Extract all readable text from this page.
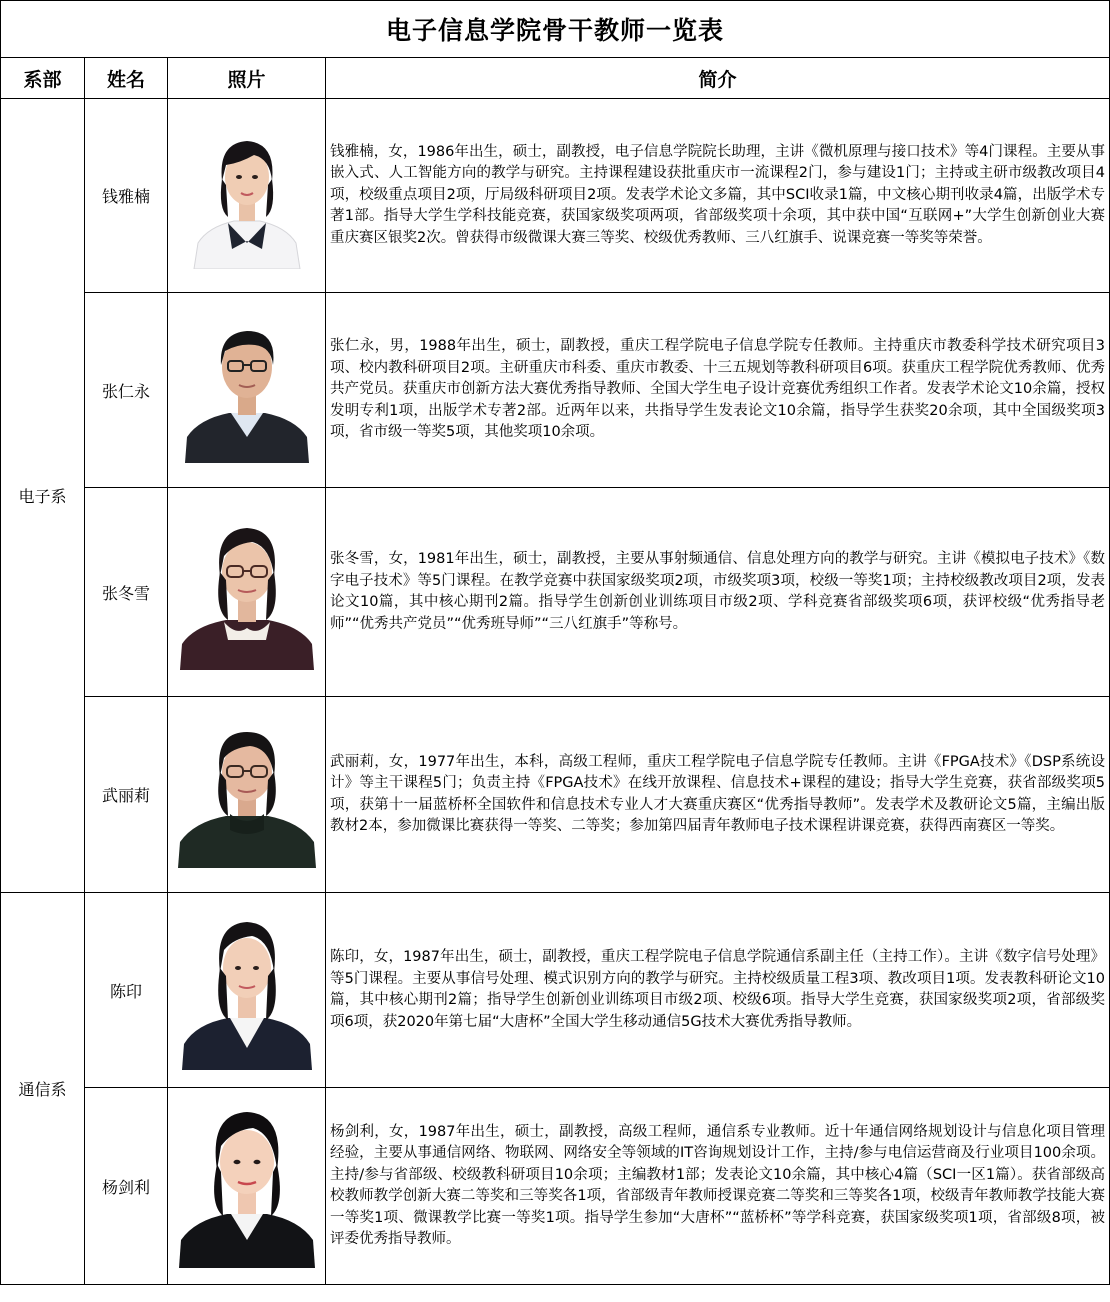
电子信息学院骨干教师一览表			
系部	姓名	照片	简介
电子系	钱雅楠		钱雅楠，女，1986年出生，硕士，副教授，电子信息学院院长助理，主讲《微机原理与接口技术》等4门课程。主要从事嵌入式、人工智能方向的教学与研究。主持课程建设获批重庆市一流课程2门，参与建设1门；主持或主研市级教改项目4项，校级重点项目2项，厅局级科研项目2项。发表学术论文多篇，其中SCI收录1篇，中文核心期刊收录4篇，出版学术专著1部。指导大学生学科技能竞赛，获国家级奖项两项，省部级奖项十余项，其中获中国“互联网+”大学生创新创业大赛重庆赛区银奖2次。曾获得市级微课大赛三等奖、校级优秀教师、三八红旗手、说课竞赛一等奖等荣誉。
	张仁永		张仁永，男，1988年出生，硕士，副教授，重庆工程学院电子信息学院专任教师。主持重庆市教委科学技术研究项目3项、校内教科研项目2项。主研重庆市科委、重庆市教委、十三五规划等教科研项目6项。获重庆工程学院优秀教师、优秀共产党员。获重庆市创新方法大赛优秀指导教师、全国大学生电子设计竞赛优秀组织工作者。发表学术论文10余篇，授权发明专利1项，出版学术专著2部。近两年以来，共指导学生发表论文10余篇，指导学生获奖20余项，其中全国级奖项3项，省市级一等奖5项，其他奖项10余项。
	张冬雪		张冬雪，女，1981年出生，硕士，副教授，主要从事射频通信、信息处理方向的教学与研究。主讲《模拟电子技术》《数字电子技术》等5门课程。在教学竞赛中获国家级奖项2项，市级奖项3项，校级一等奖1项；主持校级教改项目2项，发表论文10篇，其中核心期刊2篇。指导学生创新创业训练项目市级2项、学科竞赛省部级奖项6项，获评校级“优秀指导老师”“优秀共产党员”“优秀班导师”“三八红旗手”等称号。
	武丽莉		武丽莉，女，1977年出生，本科，高级工程师，重庆工程学院电子信息学院专任教师。主讲《FPGA技术》《DSP系统设计》等主干课程5门；负责主持《FPGA技术》在线开放课程、信息技术+课程的建设；指导大学生竞赛，获省部级奖项5项，获第十一届蓝桥杯全国软件和信息技术专业人才大赛重庆赛区“优秀指导教师”。发表学术及教研论文5篇，主编出版教材2本，参加微课比赛获得一等奖、二等奖；参加第四届青年教师电子技术课程讲课竞赛，获得西南赛区一等奖。
通信系	陈印		陈印，女，1987年出生，硕士，副教授，重庆工程学院电子信息学院通信系副主任（主持工作）。主讲《数字信号处理》等5门课程。主要从事信号处理、模式识别方向的教学与研究。主持校级质量工程3项、教改项目1项。发表教科研论文10篇，其中核心期刊2篇；指导学生创新创业训练项目市级2项、校级6项。指导大学生竞赛，获国家级奖项2项，省部级奖项6项，获2020年第七届“大唐杯”全国大学生移动通信5G技术大赛优秀指导教师。
	杨剑利		杨剑利，女，1987年出生，硕士，副教授，高级工程师，通信系专业教师。近十年通信网络规划设计与信息化项目管理经验，主要从事通信网络、物联网、网络安全等领域的IT咨询规划设计工作，主持/参与电信运营商及行业项目100余项。主持/参与省部级、校级教科研项目10余项；主编教材1部；发表论文10余篇，其中核心4篇（SCI一区1篇）。获省部级高校教师教学创新大赛二等奖和三等奖各1项，省部级青年教师授课竞赛二等奖和三等奖各1项，校级青年教师教学技能大赛一等奖1项、微课教学比赛一等奖1项。指导学生参加“大唐杯”“蓝桥杯”等学科竞赛，获国家级奖项1项，省部级8项，被评委优秀指导教师。
